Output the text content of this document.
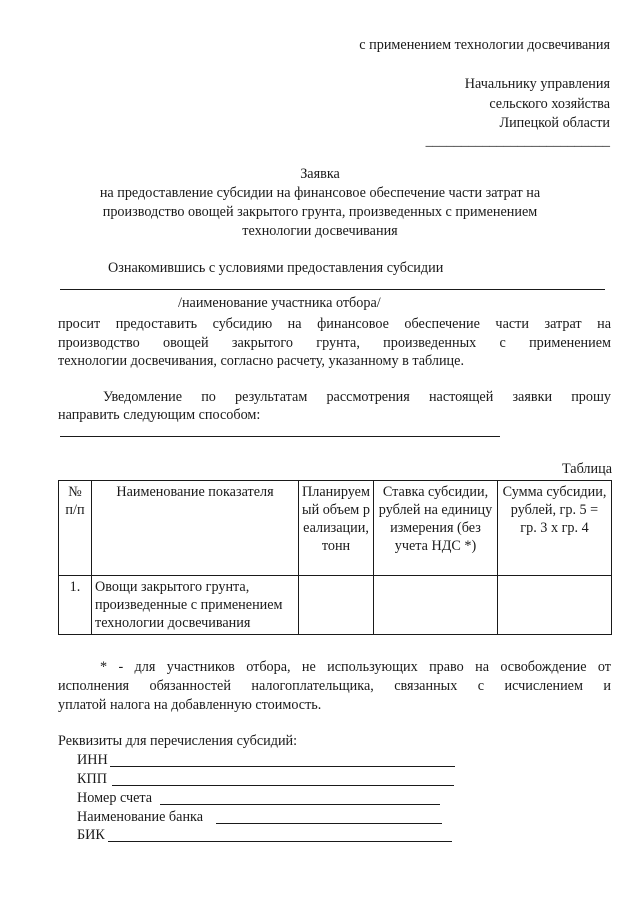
с применением технологии досвечивания
Начальнику управления
сельского хозяйства
Липецкой области
__________________________
Заявка
на предоставление субсидии на финансовое обеспечение части затрат на
производство овощей закрытого грунта, произведенных с применением
технологии досвечивания
Ознакомившись с условиями предоставления субсидии
/наименование участника отбора/
просит предоставить субсидию на финансовое обеспечение части затрат на
производство овощей закрытого грунта, произведенных с применением
технологии досвечивания, согласно расчету, указанному в таблице.
Уведомление по результатам рассмотрения настоящей заявки прошу
направить следующим способом:
Таблица
№ п/п	Наименование показателя	Планируемый объем реализации, тонн	Ставка субсидии, рублей на единицу измерения (без учета НДС *)	Сумма субсидии, рублей, гр. 5 = гр. 3 х гр. 4
1.	Овощи закрытого грунта, произведенные с применением технологии досвечивания			
* - для участников отбора, не использующих право на освобождение от
исполнения обязанностей налогоплательщика, связанных с исчислением и
уплатой налога на добавленную стоимость.
Реквизиты для перечисления субсидий:
ИНН
КПП
Номер счета
Наименование банка
БИК
